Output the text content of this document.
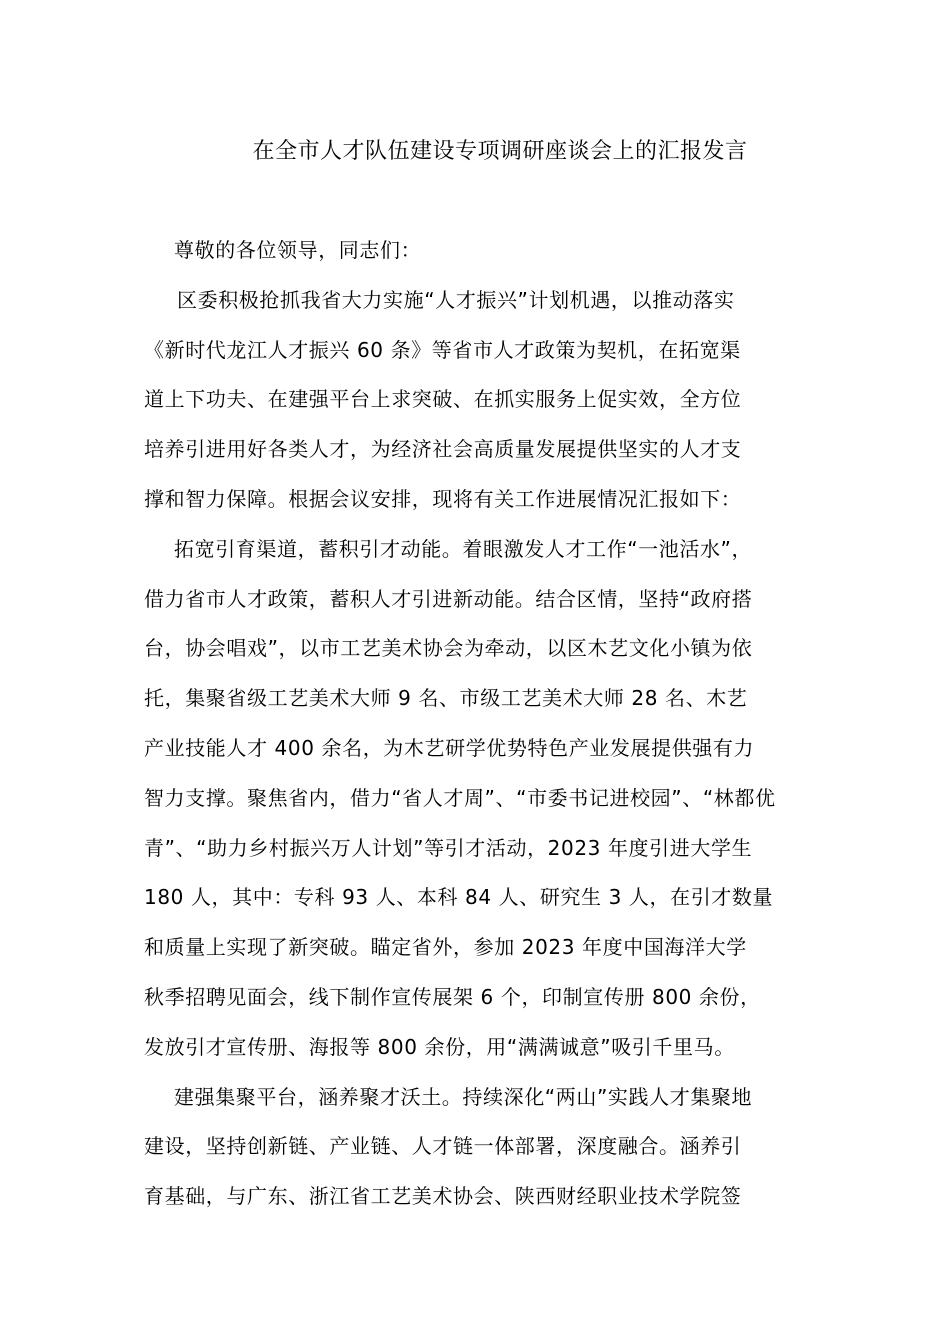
在全市人才队伍建设专项调研座谈会上的汇报发言
尊敬的各位领导，同志们：
区委积极抢抓我省大力实施“人才振兴”计划机遇，以推动落实
《新时代龙江人才振兴 60 条》等省市人才政策为契机，在拓宽渠
道上下功夫、在建强平台上求突破、在抓实服务上促实效，全方位
培养引进用好各类人才，为经济社会高质量发展提供坚实的人才支
撑和智力保障。根据会议安排，现将有关工作进展情况汇报如下：
拓宽引育渠道，蓄积引才动能。着眼激发人才工作“一池活水”，
借力省市人才政策，蓄积人才引进新动能。结合区情，坚持“政府搭
台，协会唱戏”，以市工艺美术协会为牵动，以区木艺文化小镇为依
托，集聚省级工艺美术大师 9 名、市级工艺美术大师 28 名、木艺
产业技能人才 400 余名，为木艺研学优势特色产业发展提供强有力
智力支撑。聚焦省内，借力“省人才周”、“市委书记进校园”、“林都优
青”、“助力乡村振兴万人计划”等引才活动，2023 年度引进大学生
180 人，其中：专科 93 人、本科 84 人、研究生 3 人，在引才数量
和质量上实现了新突破。瞄定省外，参加 2023 年度中国海洋大学
秋季招聘见面会，线下制作宣传展架 6 个，印制宣传册 800 余份，
发放引才宣传册、海报等 800 余份，用“满满诚意”吸引千里马。
建强集聚平台，涵养聚才沃土。持续深化“两山”实践人才集聚地
建设，坚持创新链、产业链、人才链一体部署，深度融合。涵养引
育基础，与广东、浙江省工艺美术协会、陕西财经职业技术学院签
